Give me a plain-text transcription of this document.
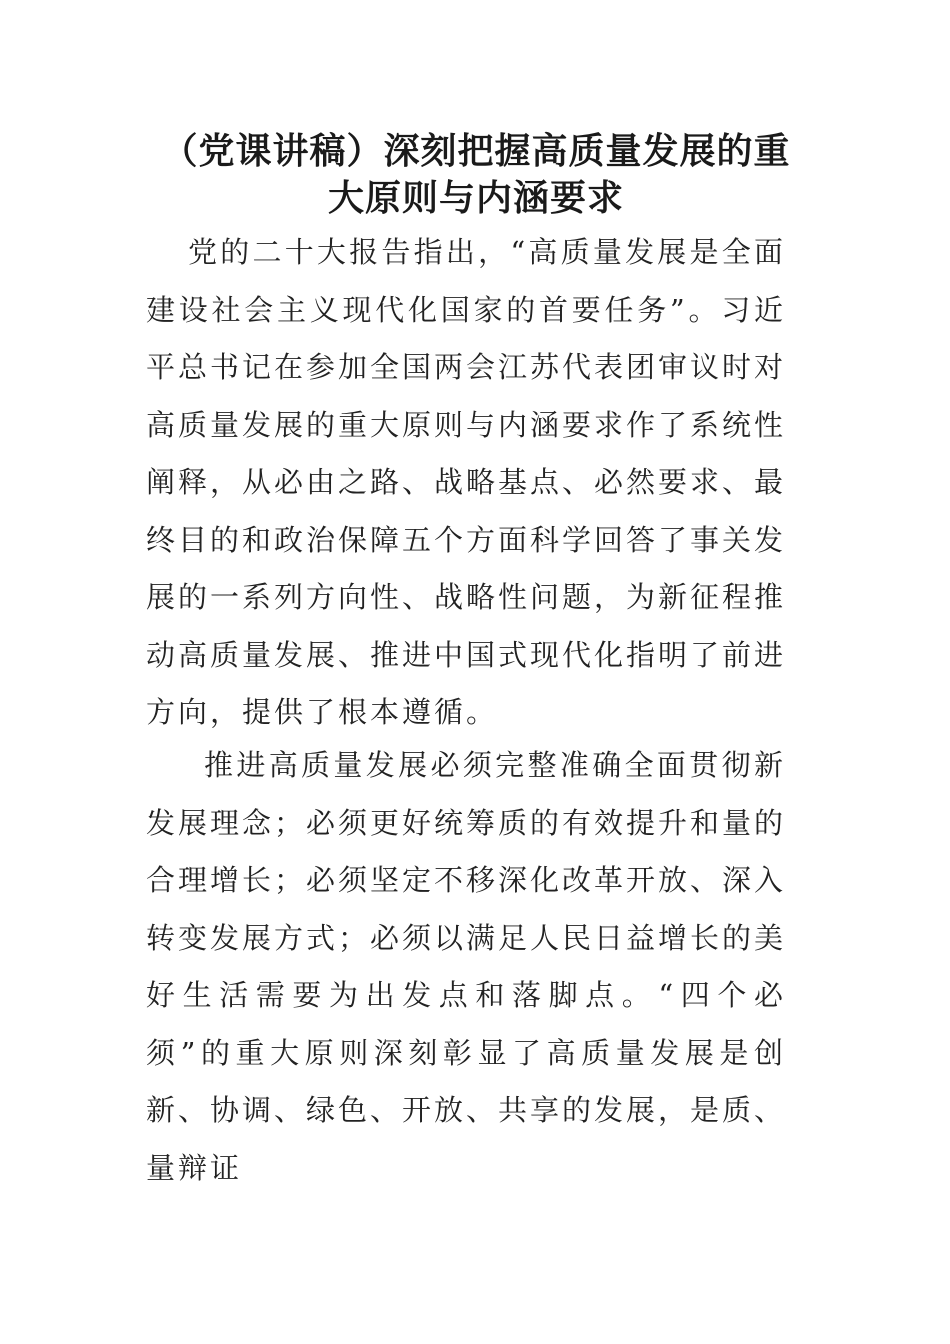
（党课讲稿）深刻把握高质量发展的重大原则与内涵要求

党的二十大报告指出，“高质量发展是全面建设社会主义现代化国家的首要任务”。习近平总书记在参加全国两会江苏代表团审议时对高质量发展的重大原则与内涵要求作了系统性阐释，从必由之路、战略基点、必然要求、最终目的和政治保障五个方面科学回答了事关发展的一系列方向性、战略性问题，为新征程推动高质量发展、推进中国式现代化指明了前进方向，提供了根本遵循。

推进高质量发展必须完整准确全面贯彻新发展理念；必须更好统筹质的有效提升和量的合理增长；必须坚定不移深化改革开放、深入转变发展方式；必须以满足人民日益增长的美好生活需要为出发点和落脚点。“四个必须”的重大原则深刻彰显了高质量发展是创新、协调、绿色、开放、共享的发展，是质、量辩证
